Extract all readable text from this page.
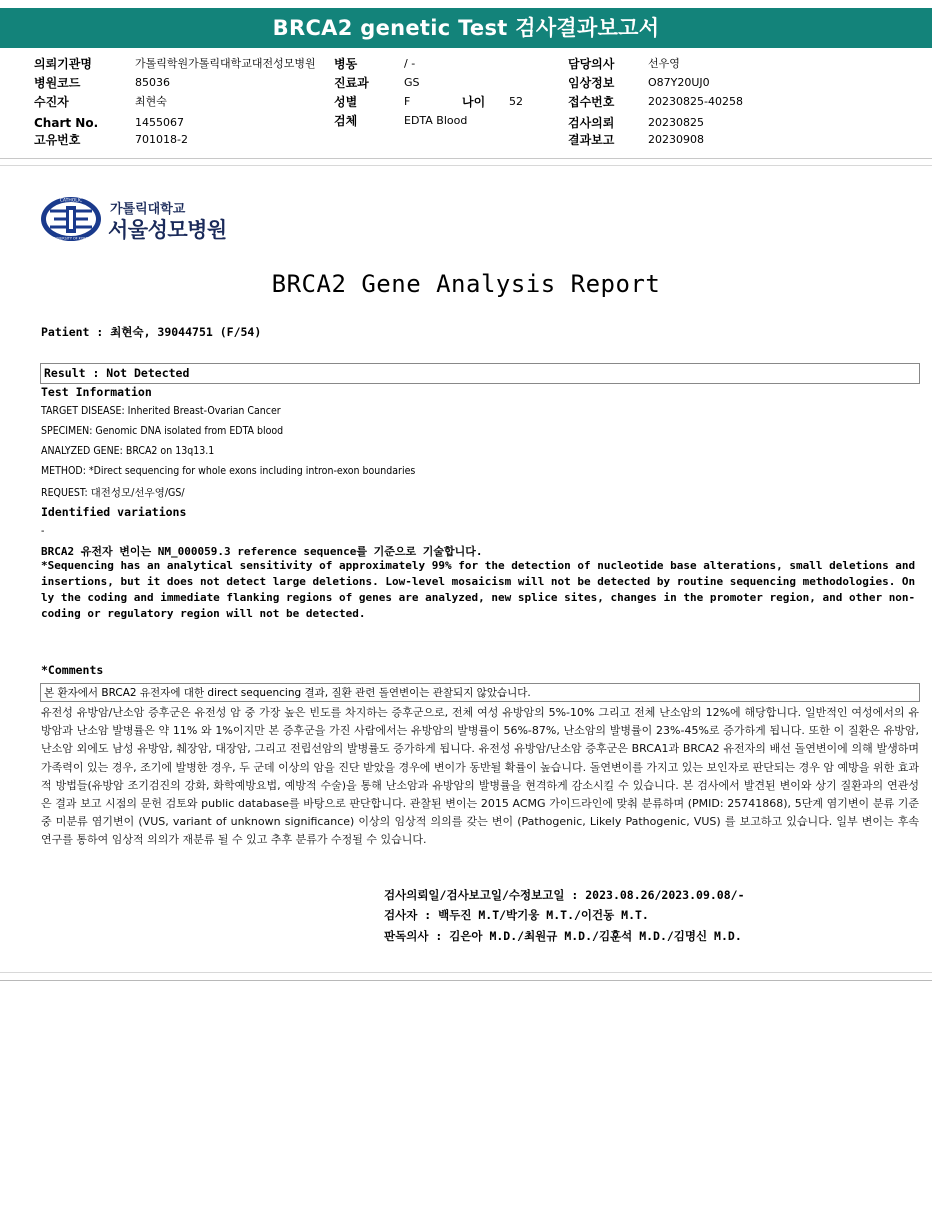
BRCA2 genetic Test 검사결과보고서
의뢰기관명	가톨릭학원가톨릭대학교대전성모병원 병동	/ -	담당의사	선우영
병원코드	85036	진료과	GS	임상정보	O87Y20UJ0
수진자	최현숙	성별	F	나이 52	접수번호	20230825-40258
Chart No.	1455067	검체	EDTA Blood	검사의뢰	20230825
고유번호	701018-2	결과보고	20230908
CATHOLIC
UNIVERSITY OF KOREA
가톨릭대학교
서울성모병원
BRCA2 Gene Analysis Report
Patient : 최현숙, 39044751 (F/54)
Result : Not Detected
Test Information
TARGET DISEASE: Inherited Breast-Ovarian Cancer
SPECIMEN: Genomic DNA isolated from EDTA blood
ANALYZED GENE: BRCA2 on 13q13.1
METHOD: *Direct sequencing for whole exons including intron-exon boundaries
REQUEST: 대전성모/선우영/GS/
Identified variations
-
BRCA2 유전자 변이는 NM_000059.3 reference sequence를 기준으로 기술합니다.
*Sequencing has an analytical sensitivity of approximately 99% for the detection of nucleotide base alterations, small deletions and insertions, but it does not detect large deletions. Low-level mosaicism will not be detected by routine sequencing methodologies. Only the coding and immediate flanking regions of genes are analyzed, new splice sites, changes in the promoter region, and other non-coding or regulatory region will not be detected.
*Comments
본 환자에서 BRCA2 유전자에 대한 direct sequencing 결과, 질환 관련 돌연변이는 관찰되지 않았습니다.
유전성 유방암/난소암 증후군은 유전성 암 중 가장 높은 빈도를 차지하는 증후군으로, 전체 여성 유방암의 5%-10% 그리고 전체 난소암의 12%에 해당합니다. 일반적인 여성에서의 유방암과 난소암 발병률은 약 11% 와 1%이지만 본 증후군을 가진 사람에서는 유방암의 발병률이 56%-87%, 난소암의 발병률이 23%-45%로 증가하게 됩니다. 또한 이 질환은 유방암, 난소암 외에도 남성 유방암, 췌장암, 대장암, 그리고 전립선암의 발병률도 증가하게 됩니다. 유전성 유방암/난소암 증후군은 BRCA1과 BRCA2 유전자의 배선 돌연변이에 의해 발생하며 가족력이 있는 경우, 조기에 발병한 경우, 두 군데 이상의 암을 진단 받았을 경우에 변이가 동반될 확률이 높습니다. 돌연변이를 가지고 있는 보인자로 판단되는 경우 암 예방을 위한 효과적 방법들(유방암 조기검진의 강화, 화학예방요법, 예방적 수술)을 통해 난소암과 유방암의 발병률을 현격하게 감소시킬 수 있습니다. 본 검사에서 발견된 변이와 상기 질환과의 연관성은 결과 보고 시점의 문헌 검토와 public database를 바탕으로 판단합니다. 관찰된 변이는 2015 ACMG 가이드라인에 맞춰 분류하며 (PMID: 25741868), 5단계 염기변이 분류 기준 중 미분류 염기변이 (VUS, variant of unknown significance) 이상의 임상적 의의를 갖는 변이 (Pathogenic, Likely Pathogenic, VUS) 를 보고하고 있습니다. 일부 변이는 후속 연구를 통하여 임상적 의의가 재분류 될 수 있고 추후 분류가 수정될 수 있습니다.
검사의뢰일/검사보고일/수정보고일 : 2023.08.26/2023.09.08/-
검사자 : 백두진 M.T/박기웅 M.T./이건동 M.T.
판독의사 : 김은아 M.D./최원규 M.D./김훈석 M.D./김명신 M.D.
